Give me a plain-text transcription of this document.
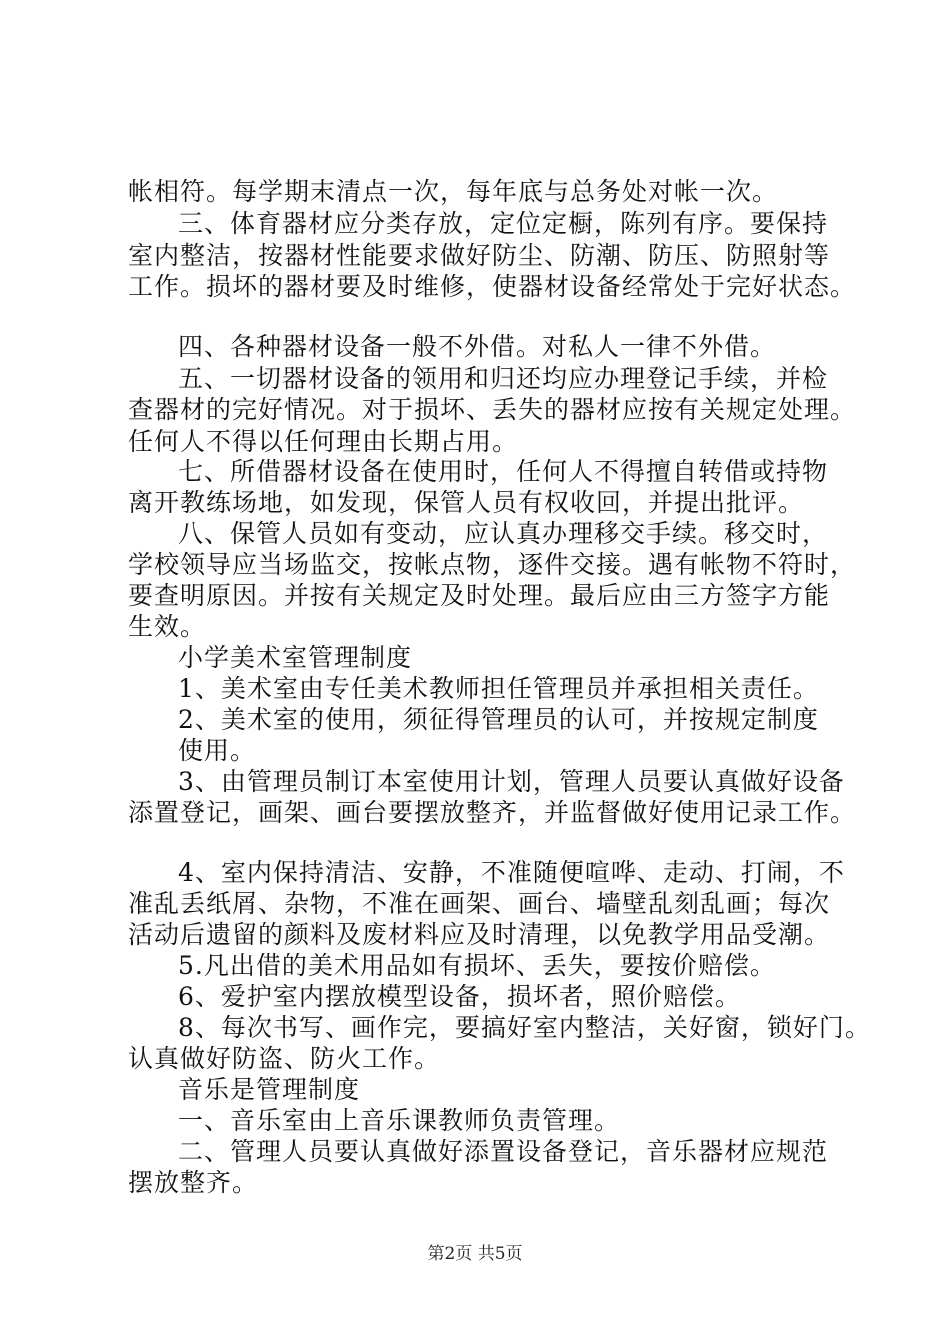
帐相符。每学期末清点一次，每年底与总务处对帐一次。
三、体育器材应分类存放，定位定橱，陈列有序。要保持
室内整洁，按器材性能要求做好防尘、防潮、防压、防照射等
工作。损坏的器材要及时维修，使器材设备经常处于完好状态。
四、各种器材设备一般不外借。对私人一律不外借。
五、一切器材设备的领用和归还均应办理登记手续，并检
查器材的完好情况。对于损坏、丢失的器材应按有关规定处理。
任何人不得以任何理由长期占用。
七、所借器材设备在使用时，任何人不得擅自转借或持物
离开教练场地，如发现，保管人员有权收回，并提出批评。
八、保管人员如有变动，应认真办理移交手续。移交时，
学校领导应当场监交，按帐点物，逐件交接。遇有帐物不符时，
要查明原因。并按有关规定及时处理。最后应由三方签字方能
生效。
小学美术室管理制度
1、美术室由专任美术教师担任管理员并承担相关责任。
2、美术室的使用，须征得管理员的认可，并按规定制度
使用。
3、由管理员制订本室使用计划，管理人员要认真做好设备
添置登记，画架、画台要摆放整齐，并监督做好使用记录工作。
4、室内保持清洁、安静，不准随便喧哗、走动、打闹，不
准乱丢纸屑、杂物，不准在画架、画台、墙壁乱刻乱画；每次
活动后遗留的颜料及废材料应及时清理，以免教学用品受潮。
5.凡出借的美术用品如有损坏、丢失，要按价赔偿。
6、爱护室内摆放模型设备，损坏者，照价赔偿。
8、每次书写、画作完，要搞好室内整洁，关好窗，锁好门。
认真做好防盗、防火工作。
音乐是管理制度
一、音乐室由上音乐课教师负责管理。
二、管理人员要认真做好添置设备登记，音乐器材应规范
摆放整齐。
第2页 共5页
